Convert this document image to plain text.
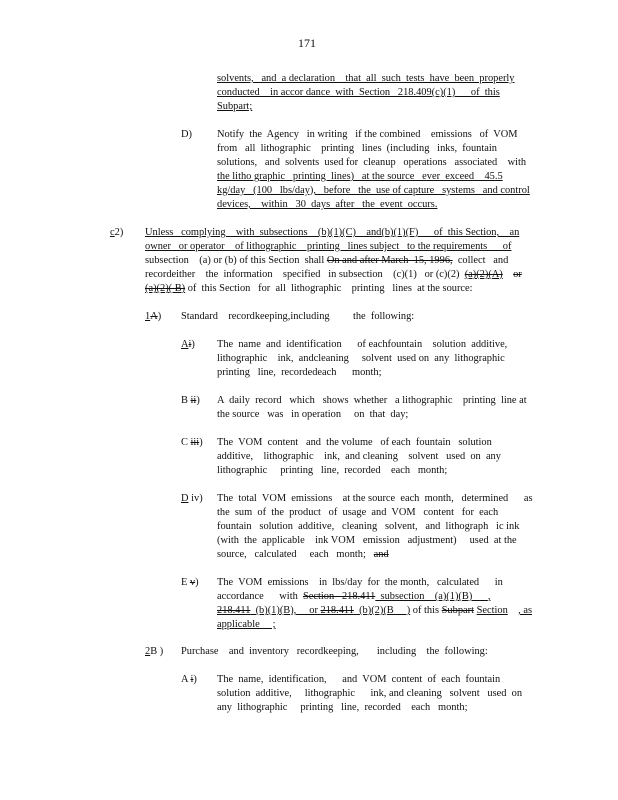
171
solvents,   and  a declaration    that  all  such  tests  have  been  properly
conducted    in accor dance  with  Section   218.409(c)(1)      of  this
Subpart;
D) Notify  the  Agency   in writing   if the combined    emissions   of  VOM
from   all  lithographic    printing   lines  (including   inks,  fountain
solutions,   and  solvents  used for  cleanup   operations   associated    with
the litho graphic   printing  lines)   at the source   ever  exceed    45.5
kg/day   (100   lbs/day),   before   the  use of capture   systems   and control
devices,    within   30  days  after   the  event  occurs.
c2) Unless   complying    with  subsections    (b)(1)(C)    and(b)(1)(F)      of  this Section,    an
owner   or operator    of lithographic    printing   lines subject   to the requirements      of
subsection    (a) or (b) of this Section  shall On and after March  15, 1996,  collect   and
recordeither    the  information    specified   in subsection    (c)(1)   or (c)(2)  (a)(2)(A) or
(a)(2)( B) of  this Section   for  all  lithographic    printing   lines  at the source:
1A) Standard    recordkeeping,including         the  following:
Ai) The  name  and  identification      of eachfountain    solution  additive,
lithographic    ink,  andcleaning     solvent  used on  any  lithographic
printing   line,  recordedeach      month;
B ii) A  daily  record   which   shows  whether   a lithographic    printing  line at
the source   was   in operation     on  that  day;
C iii) The  VOM  content   and  the volume   of each  fountain   solution
additive,    lithographic    ink,  and cleaning    solvent   used  on  any
lithographic     printing   line,  recorded    each   month;
D iv) The  total  VOM  emissions    at the source  each  month,   determined      as
the  sum  of  the  product   of  usage  and  VOM   content   for  each
fountain   solution  additive,   cleaning   solvent,   and  lithograph   ic ink
(with  the  applicable    ink VOM   emission   adjustment)     used  at the
source,   calculated     each   month;   and
E v) The  VOM  emissions    in  lbs/day  for  the month,   calculated      in
accordance      with  Section   218.411  subsection    (a)(1)(B)      ,
218.411  (b)(1)(B),     or 218.411  (b)(2)(B     ) of this Subpart Section , as
applicable     ;
2B ) Purchase    and  inventory   recordkeeping,       including    the  following:
A i) The  name,  identification,      and  VOM  content  of  each  fountain
solution  additive,     lithographic      ink, and cleaning   solvent   used  on
any  lithographic     printing   line,  recorded    each   month;
